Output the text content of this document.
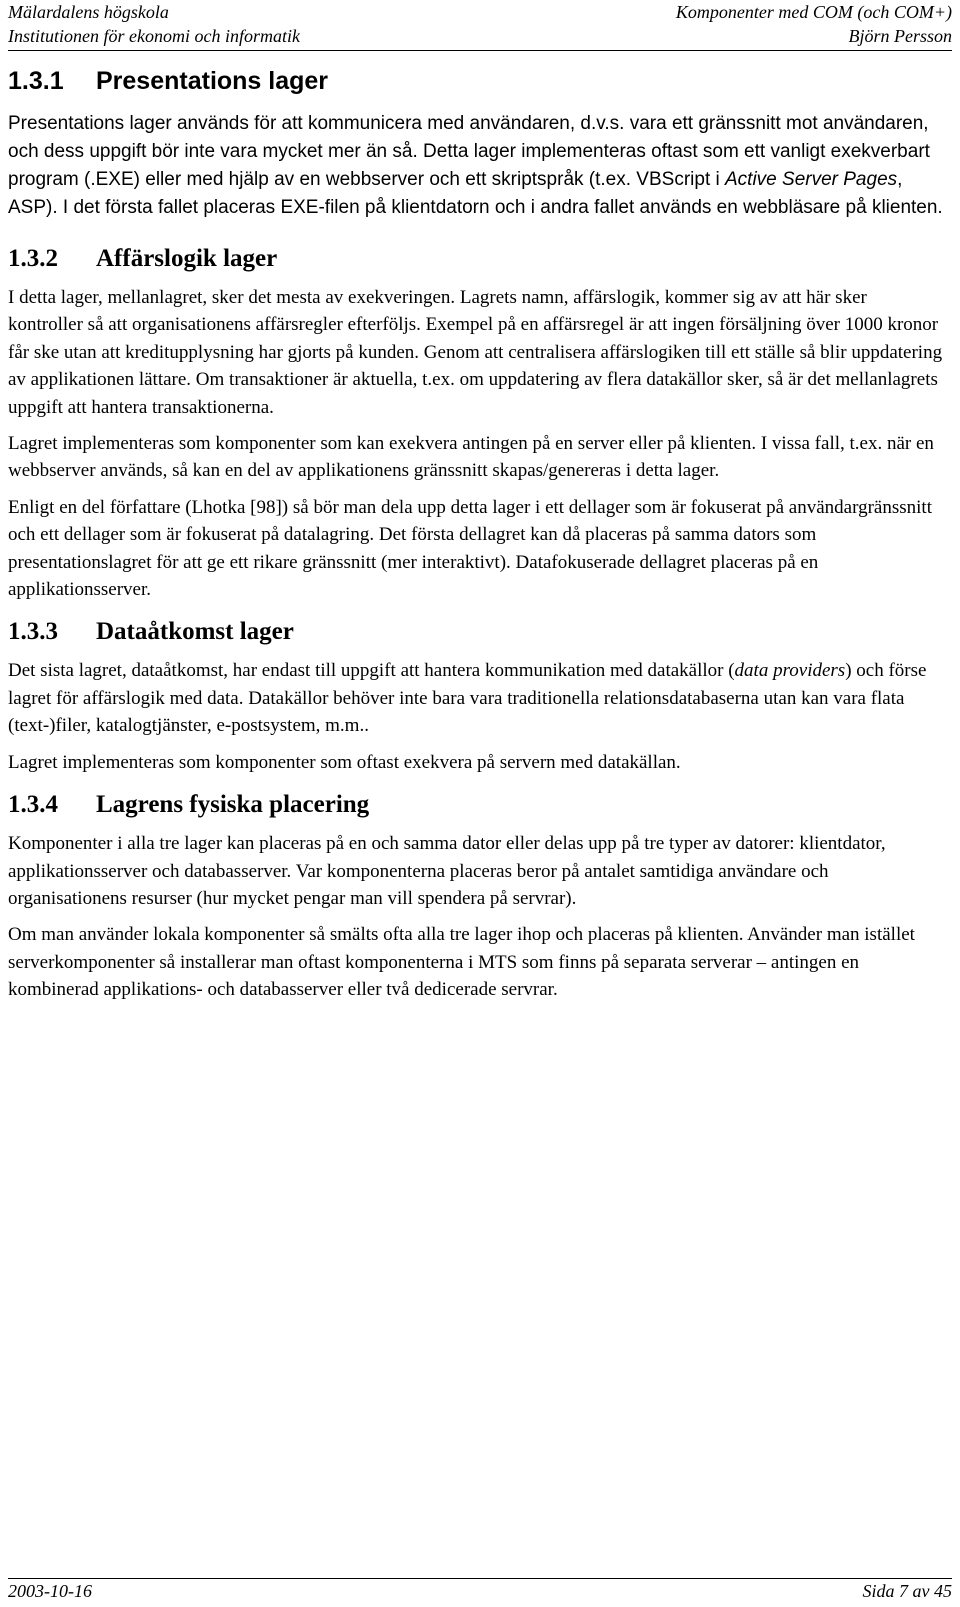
Mälardalens högskola	Komponenter med COM (och COM+)
Institutionen för ekonomi och informatik	Björn Persson
1.3.1 Presentations lager

Presentations lager används för att kommunicera med användaren, d.v.s. vara ett gränssnitt mot användaren, och dess uppgift bör inte vara mycket mer än så. Detta lager implementeras oftast som ett vanligt exekverbart program (.EXE) eller med hjälp av en webbserver och ett skriptspråk (t.ex. VBScript i Active Server Pages, ASP). I det första fallet placeras EXE-filen på klientdatorn och i andra fallet används en webbläsare på klienten.

1.3.2 Affärslogik lager

I detta lager, mellanlagret, sker det mesta av exekveringen. Lagrets namn, affärslogik, kommer sig av att här sker kontroller så att organisationens affärsregler efterföljs. Exempel på en affärsregel är att ingen försäljning över 1000 kronor får ske utan att kreditupplysning har gjorts på kunden. Genom att centralisera affärslogiken till ett ställe så blir uppdatering av applikationen lättare. Om transaktioner är aktuella, t.ex. om uppdatering av flera datakällor sker, så är det mellanlagrets uppgift att hantera transaktionerna.

Lagret implementeras som komponenter som kan exekvera antingen på en server eller på klienten. I vissa fall, t.ex. när en webbserver används, så kan en del av applikationens gränssnitt skapas/genereras i detta lager.

Enligt en del författare (Lhotka [98]) så bör man dela upp detta lager i ett dellager som är fokuserat på användargränssnitt och ett dellager som är fokuserat på datalagring. Det första dellagret kan då placeras på samma dators som presentationslagret för att ge ett rikare gränssnitt (mer interaktivt). Datafokuserade dellagret placeras på en applikationsserver.

1.3.3 Dataåtkomst lager

Det sista lagret, dataåtkomst, har endast till uppgift att hantera kommunikation med datakällor (data providers) och förse lagret för affärslogik med data. Datakällor behöver inte bara vara traditionella relationsdatabaserna utan kan vara flata (text-)filer, katalogtjänster, e-postsystem, m.m..

Lagret implementeras som komponenter som oftast exekvera på servern med datakällan.

1.3.4 Lagrens fysiska placering

Komponenter i alla tre lager kan placeras på en och samma dator eller delas upp på tre typer av datorer: klientdator, applikationsserver och databasserver. Var komponenterna placeras beror på antalet samtidiga användare och organisationens resurser (hur mycket pengar man vill spendera på servrar).

Om man använder lokala komponenter så smälts ofta alla tre lager ihop och placeras på klienten. Använder man istället serverkomponenter så installerar man oftast komponenterna i MTS som finns på separata serverar – antingen en kombinerad applikations- och databasserver eller två dedicerade servrar.

2003-10-16	Sida 7 av 45
